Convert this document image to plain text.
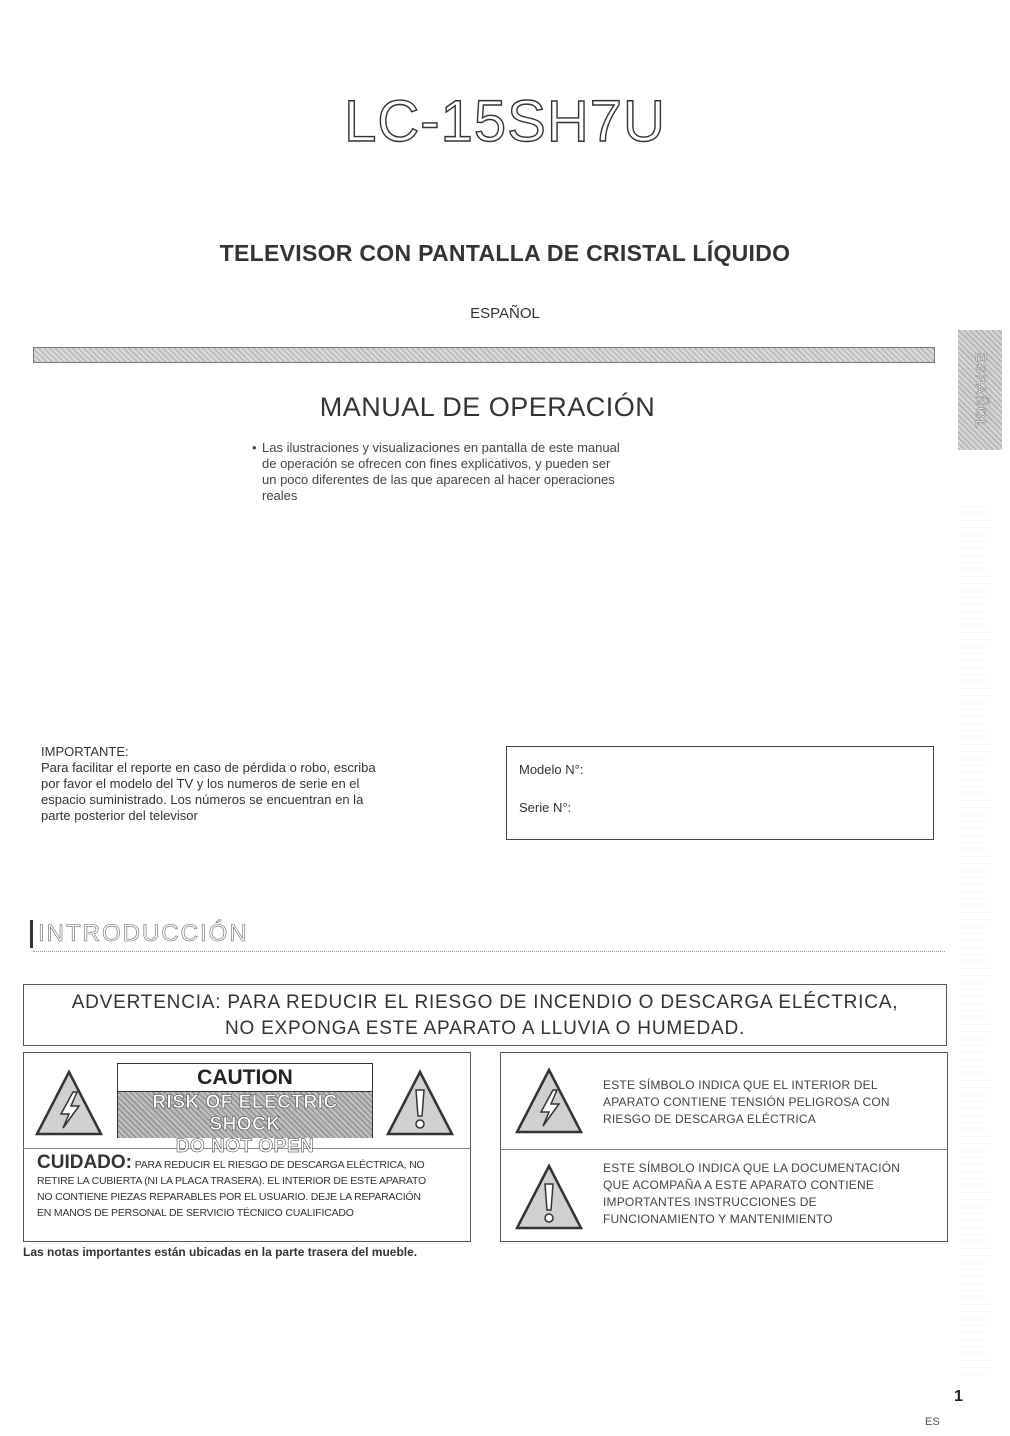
LC-15SH7U
TELEVISOR CON PANTALLA DE CRISTAL LÍQUIDO
ESPAÑOL
ESPAÑOL
MANUAL DE OPERACIÓN
• Las ilustraciones y visualizaciones en pantalla de este manual
de operación se ofrecen con fines explicativos, y pueden ser
un poco diferentes de las que aparecen al hacer operaciones
reales
IMPORTANTE:
Para facilitar el reporte en caso de pérdida o robo, escriba
por favor el modelo del TV y los numeros de serie en el
espacio suministrado. Los números se encuentran en la
parte posterior del televisor
Modelo N°:
Serie N°:
INTRODUCCIÓN
ADVERTENCIA: PARA REDUCIR EL RIESGO DE INCENDIO O DESCARGA ELÉCTRICA,
NO EXPONGA ESTE APARATO A LLUVIA O HUMEDAD.
CAUTION
RISK OF ELECTRIC SHOCK
DO NOT OPEN
CUIDADO: PARA REDUCIR EL RIESGO DE DESCARGA ELÉCTRICA, NO
RETIRE LA CUBIERTA (NI LA PLACA TRASERA). EL INTERIOR DE ESTE APARATO
NO CONTIENE PIEZAS REPARABLES POR EL USUARIO. DEJE LA REPARACIÓN
EN MANOS DE PERSONAL DE SERVICIO TÉCNICO CUALIFICADO
Las notas importantes están ubicadas en la parte trasera del mueble.
ESTE SÍMBOLO INDICA QUE EL INTERIOR DEL
APARATO CONTIENE TENSIÓN PELIGROSA CON
RIESGO DE DESCARGA ELÉCTRICA
ESTE SÍMBOLO INDICA QUE LA DOCUMENTACIÓN
QUE ACOMPAÑA A ESTE APARATO CONTIENE
IMPORTANTES INSTRUCCIONES DE
FUNCIONAMIENTO Y MANTENIMIENTO
1
ES
